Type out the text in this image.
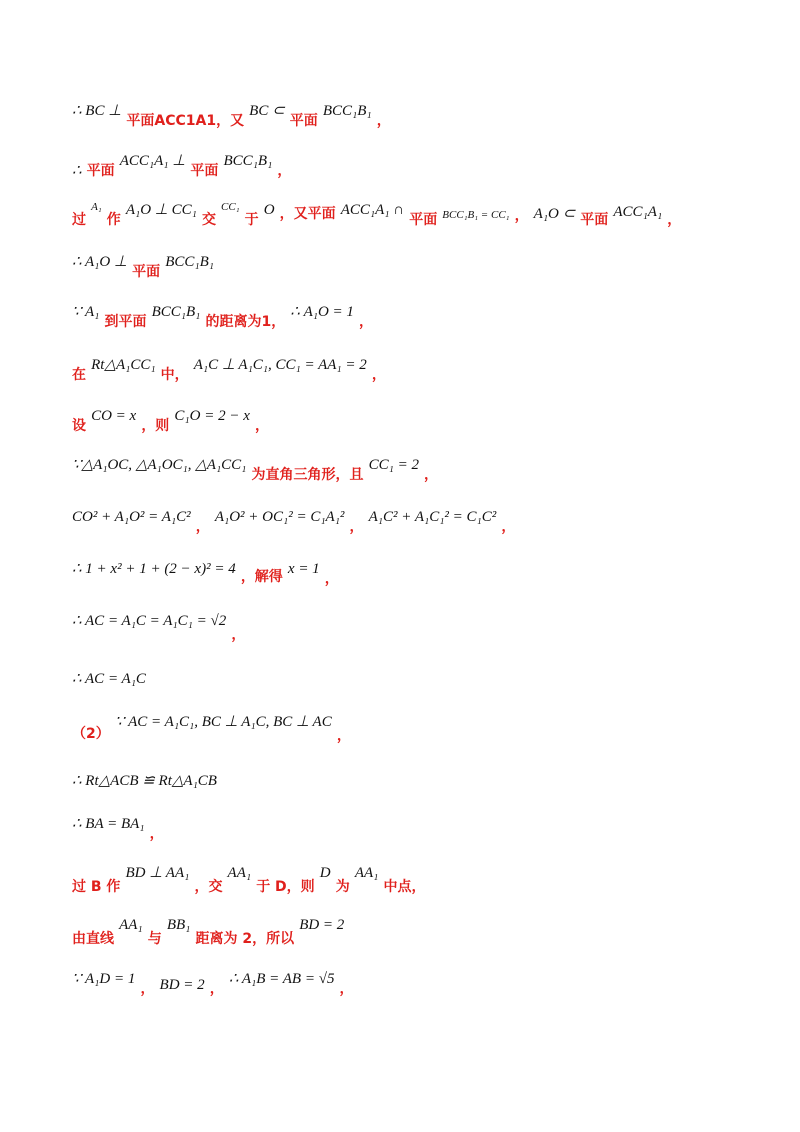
∴ BC ⊥ 平面ACC1A1，又 BC ⊂ 平面 BCC₁B₁ ，
∴ 平面 ACC₁A₁ ⊥ 平面 BCC₁B₁ ，
过 $^{A_1}$ 作 A₁O ⊥ CC₁ 交 $^{CC_1}$ 于 O ，又平面 ACC₁A₁ ∩ 平面 $_{BCC_1B_1 = CC_1}$ ， A₁O ⊂ 平面 ACC₁A₁ ，
∴ A₁O ⊥ 平面 BCC₁B₁
∵ A₁ 到平面 BCC₁B₁ 的距离为1， ∴ A₁O = 1 ，
在 Rt△A₁CC₁ 中， A₁C ⊥ A₁C₁, CC₁ = AA₁ = 2 ，
设 CO = x ，则 C₁O = 2 − x ，
∵△A₁OC, △A₁OC₁, △A₁CC₁ 为直角三角形，且 CC₁ = 2 ，
CO² + A₁O² = A₁C² ， A₁O² + OC₁² = C₁A₁² ， A₁C² + A₁C₁² = C₁C² ，
∴ 1 + x² + 1 + (2 − x)² = 4 ，解得 x = 1 ，
∴ AC = A₁C = A₁C₁ = √2 ，
∴ AC = A₁C
（2） ∵ AC = A₁C₁, BC ⊥ A₁C, BC ⊥ AC ，
∴ Rt△ACB ≌ Rt△A₁CB
∴ BA = BA₁ ，
过 B 作 BD ⊥ AA₁ ，交 AA₁ 于 D，则 D 为 AA₁ 中点，
由直线 AA₁ 与 BB₁ 距离为 2，所以 BD = 2
∵ A₁D = 1 ， BD = 2 ， ∴ A₁B = AB = √5 ，
